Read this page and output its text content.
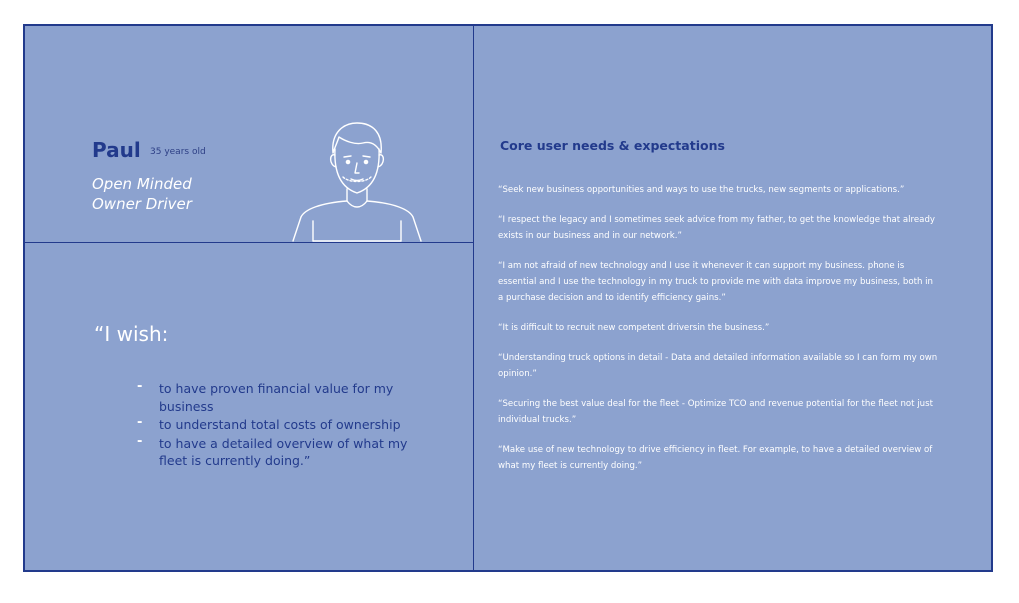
Paul 35 years old
Open Minded
Owner Driver
“I wish:
- to have proven financial value for my business
- to understand total costs of ownership
- to have a detailed overview of what my fleet is currently doing.”
Core user needs & expectations
“Seek new business opportunities and ways to use the trucks, new segments or applications.”
“I respect the legacy and I sometimes seek advice from my father, to get the knowledge that already exists in our business and in our network.”
“I am not afraid of new technology and I use it whenever it can support my business. phone is essential and I use the technology in my truck to provide me with data improve my business, both in a purchase decision and to identify efficiency gains.”
“It is difficult to recruit new competent driversin the business.”
“Understanding truck options in detail - Data and detailed information available so I can form my own opinion.”
“Securing the best value deal for the fleet - Optimize TCO and revenue potential for the fleet not just individual trucks.”
“Make use of new technology to drive efficiency in fleet. For example, to have a detailed overview of what my fleet is currently doing.”
